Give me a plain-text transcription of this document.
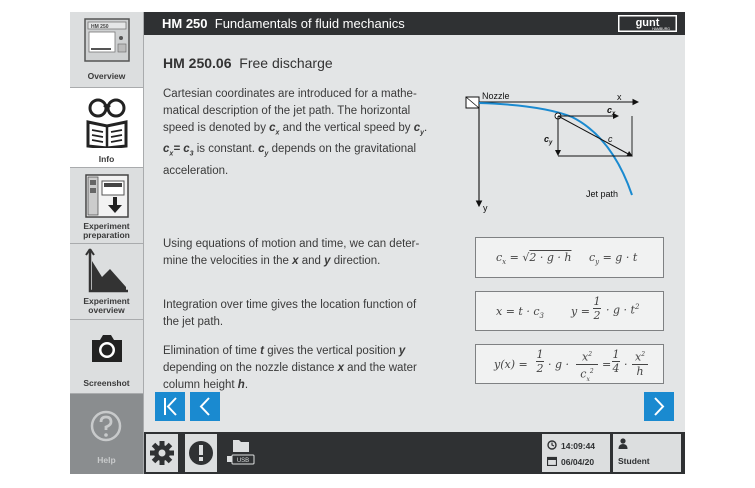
HM 250
Overview
Info
Experiment preparation
Experiment overview
Screenshot
Help
HM 250 Fundamentals of fluid mechanics	gunt
HAMBURG
HM 250.06 Free discharge
Cartesian coordinates are introduced for a mathe-
matical description of the jet path. The horizontal
speed is denoted by $c_x$ and the vertical speed by $c_y$.
$c_x= c_3$ is constant. $c_y$ depends on the gravitational
acceleration.
Nozzle	x
y
$c_x$
$c_y$	c
Jet path
Using equations of motion and time, we can deter-
mine the velocities in the x and y direction.	$c_x = √2 \cdot g \cdot h$ $c_y = g \cdot t$
Integration over time gives the location function of
the jet path.
$x = t \cdot c_3$ y =
1
$2 \cdot g \cdot t^2$
Elimination of time t gives the vertical position y
depending on the nozzle distance x and the water
column height h.
y(x) =
1
2 · g ·
$x^2$
$c_x^2$
=
1
4 ·
$x^2$
h
USB
14:09:44
06/04/20	Student
